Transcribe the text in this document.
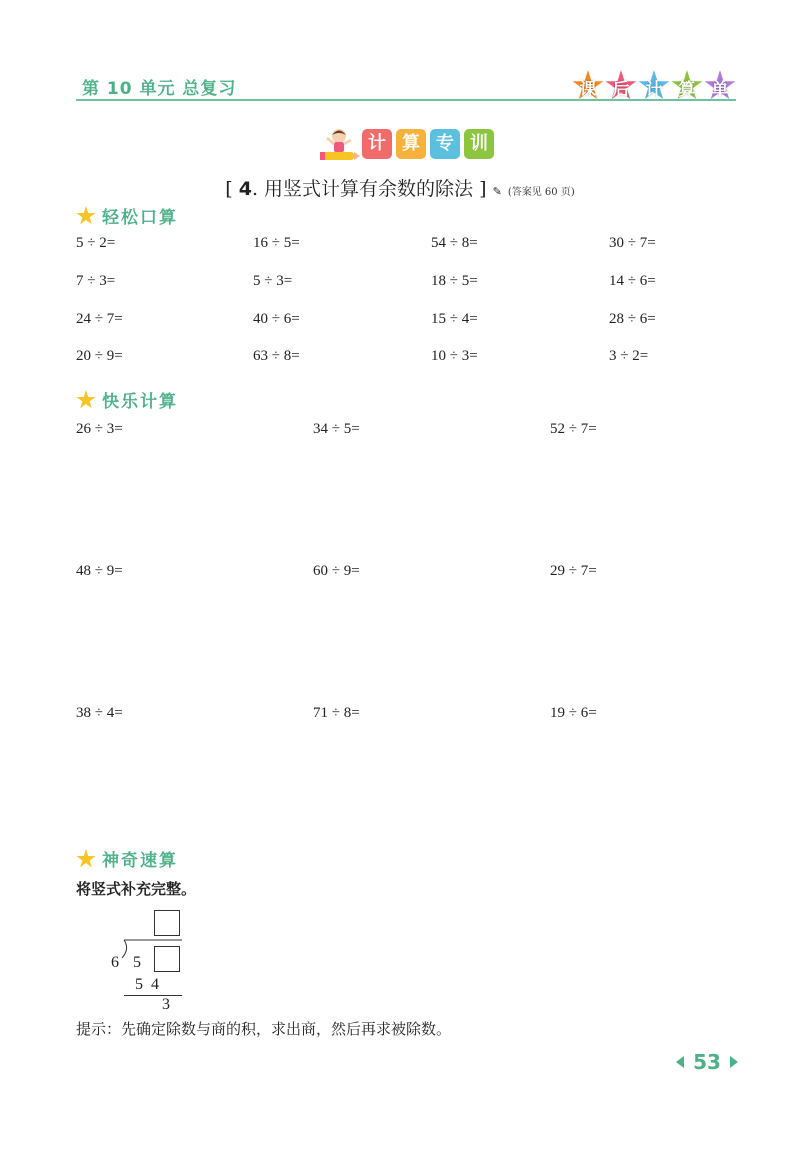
第 10 单元 总复习	课 后 计 算 单
计 算 专 训
[ 4. 用竖式计算有余数的除法 ] ✎ (答案见 60 页)
轻松口算
5 ÷ 2=	16 ÷ 5=	54 ÷ 8=	30 ÷ 7=
7 ÷ 3=	5 ÷ 3=	18 ÷ 5=	14 ÷ 6=
24 ÷ 7=	40 ÷ 6=	15 ÷ 4=	28 ÷ 6=
20 ÷ 9=	63 ÷ 8=	10 ÷ 3=	3 ÷ 2=
快乐计算
26 ÷ 3=	34 ÷ 5=	52 ÷ 7=
48 ÷ 9=	60 ÷ 9=	29 ÷ 7=
38 ÷ 4=	71 ÷ 8=	19 ÷ 6=
神奇速算
将竖式补充完整。
6 5
5  4
3
提示：先确定除数与商的积，求出商，然后再求被除数。
53
